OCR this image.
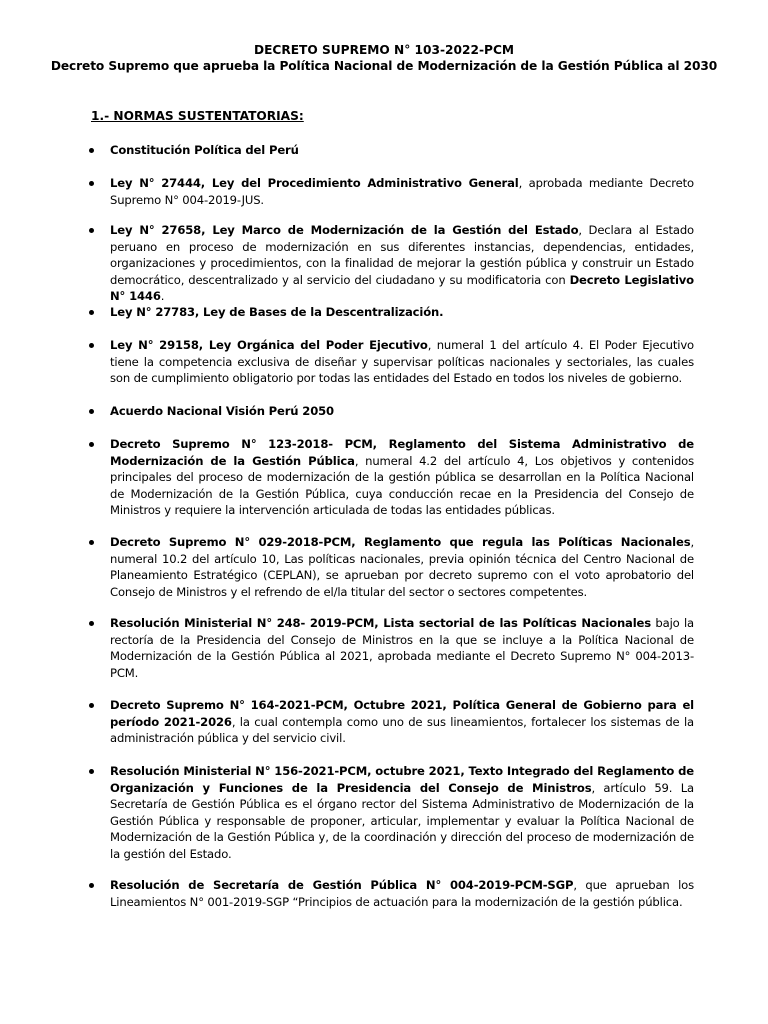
DECRETO SUPREMO N° 103-2022-PCM
Decreto Supremo que aprueba la Política Nacional de Modernización de la Gestión Pública al 2030
1.- NORMAS SUSTENTATORIAS:
Constitución Política del Perú
Ley N° 27444, Ley del Procedimiento Administrativo General, aprobada mediante Decreto Supremo N° 004-2019-JUS.
Ley N° 27658, Ley Marco de Modernización de la Gestión del Estado, Declara al Estado peruano en proceso de modernización en sus diferentes instancias, dependencias, entidades, organizaciones y procedimientos, con la finalidad de mejorar la gestión pública y construir un Estado democrático, descentralizado y al servicio del ciudadano y su modificatoria con Decreto Legislativo N° 1446.
Ley N° 27783, Ley de Bases de la Descentralización.
Ley N° 29158, Ley Orgánica del Poder Ejecutivo, numeral 1 del artículo 4. El Poder Ejecutivo tiene la competencia exclusiva de diseñar y supervisar políticas nacionales y sectoriales, las cuales son de cumplimiento obligatorio por todas las entidades del Estado en todos los niveles de gobierno.
Acuerdo Nacional Visión Perú 2050
Decreto Supremo N° 123-2018- PCM, Reglamento del Sistema Administrativo de Modernización de la Gestión Pública, numeral 4.2 del artículo 4, Los objetivos y contenidos principales del proceso de modernización de la gestión pública se desarrollan en la Política Nacional de Modernización de la Gestión Pública, cuya conducción recae en la Presidencia del Consejo de Ministros y requiere la intervención articulada de todas las entidades públicas.
Decreto Supremo N° 029-2018-PCM, Reglamento que regula las Políticas Nacionales, numeral 10.2 del artículo 10, Las políticas nacionales, previa opinión técnica del Centro Nacional de Planeamiento Estratégico (CEPLAN), se aprueban por decreto supremo con el voto aprobatorio del Consejo de Ministros y el refrendo de el/la titular del sector o sectores competentes.
Resolución Ministerial N° 248- 2019-PCM, Lista sectorial de las Políticas Nacionales bajo la rectoría de la Presidencia del Consejo de Ministros en la que se incluye a la Política Nacional de Modernización de la Gestión Pública al 2021, aprobada mediante el Decreto Supremo N° 004-2013-PCM.
Decreto Supremo N° 164-2021-PCM, Octubre 2021, Política General de Gobierno para el período 2021-2026, la cual contempla como uno de sus lineamientos, fortalecer los sistemas de la administración pública y del servicio civil.
Resolución Ministerial N° 156-2021-PCM, octubre 2021, Texto Integrado del Reglamento de Organización y Funciones de la Presidencia del Consejo de Ministros, artículo 59. La Secretaría de Gestión Pública es el órgano rector del Sistema Administrativo de Modernización de la Gestión Pública y responsable de proponer, articular, implementar y evaluar la Política Nacional de Modernización de la Gestión Pública y, de la coordinación y dirección del proceso de modernización de la gestión del Estado.
Resolución de Secretaría de Gestión Pública N° 004-2019-PCM-SGP, que aprueban los Lineamientos N° 001-2019-SGP “Principios de actuación para la modernización de la gestión pública.
